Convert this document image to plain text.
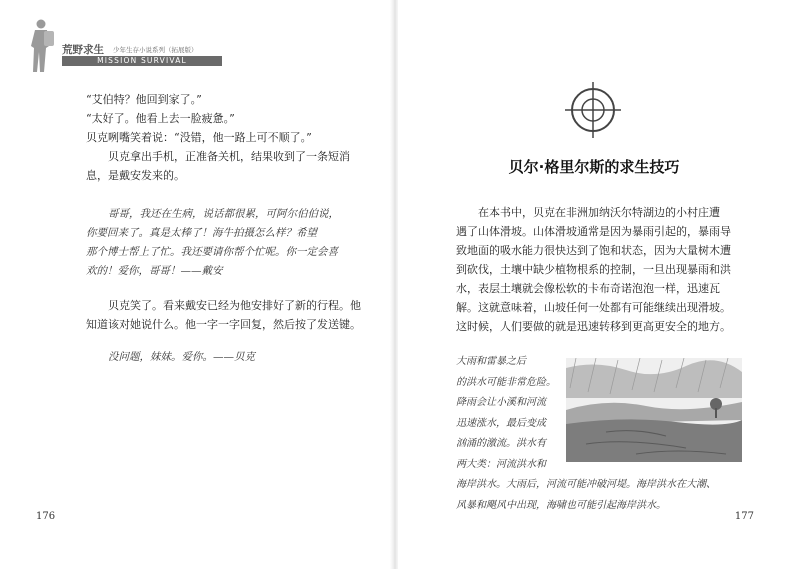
荒野求生 少年生存小说系列（拓展版）
MISSION SURVIVAL

“艾伯特？他回到家了。”

“太好了。他看上去一脸疲惫。”

贝克咧嘴笑着说：“没错，他一路上可不顺了。”

贝克拿出手机，正准备关机，结果收到了一条短消

息，是戴安发来的。

哥哥，我还在生病，说话都很累，可阿尔伯伯说，

你要回来了。真是太棒了！海牛拍摄怎么样？希望

那个博士帮上了忙。我还要请你帮个忙呢。你一定会喜

欢的！爱你，哥哥！——戴安

贝克笑了。看来戴安已经为他安排好了新的行程。他

知道该对她说什么。他一字一字回复，然后按了发送键。

没问题，妹妹。爱你。——贝克

176
贝尔·格里尔斯的求生技巧

在本书中，贝克在非洲加纳沃尔特湖边的小村庄遭

遇了山体滑坡。山体滑坡通常是因为暴雨引起的，暴雨导

致地面的吸水能力很快达到了饱和状态，因为大量树木遭

到砍伐，土壤中缺少植物根系的控制，一旦出现暴雨和洪

水，表层土壤就会像松软的卡布奇诺泡泡一样，迅速瓦

解。这就意味着，山坡任何一处都有可能继续出现滑坡。

这时候，人们要做的就是迅速转移到更高更安全的地方。

大雨和雷暴之后

的洪水可能非常危险。

降雨会让小溪和河流

迅速涨水，最后变成

汹涌的激流。洪水有

两大类：河流洪水和

海岸洪水。大雨后，河流可能冲破河堤。海岸洪水在大潮、

风暴和飓风中出现，海啸也可能引起海岸洪水。

177
